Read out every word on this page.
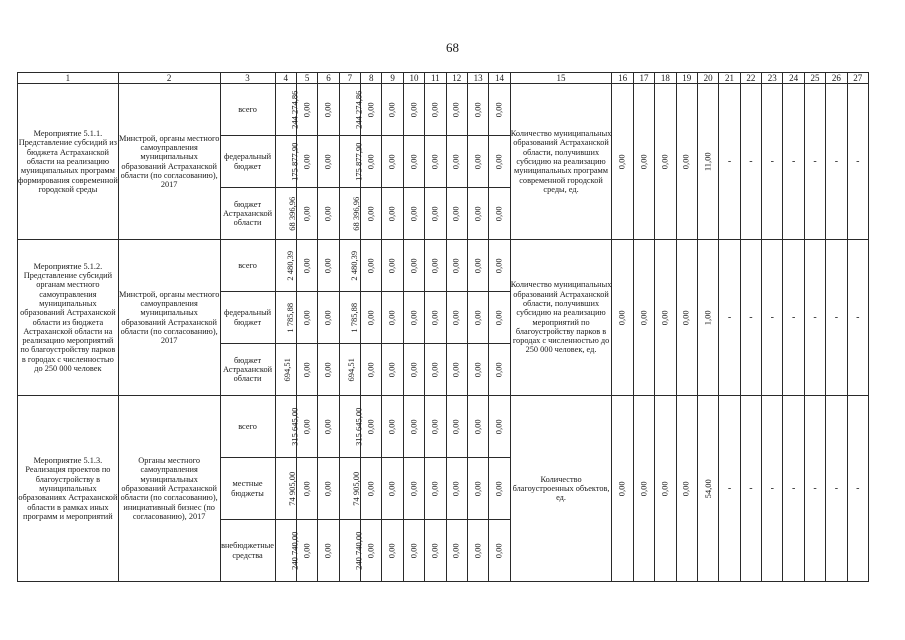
68
1	2	3	4	5	6	7	8	9	10	11	12	13	14	15	16	17	18	19	20	21	22	23	24	25	26	27
Мероприятие 5.1.1. Представление субсидий из бюджета Астраханской области на реализацию муниципальных программ формирования современной городской среды	Минстрой, органы местного самоуправления муниципальных образований Астраханской области (по согласованию), 2017	всего	244 274,86	0,00	0,00	244 274,86	0,00	0,00	0,00	0,00	0,00	0,00	0,00	Количество муниципальных образований Астраханской области, получивших субсидию на реализацию муниципальных программ современной городской среды, ед.	0,00	0,00	0,00	0,00	11,00	-	-	-	-	-	-	-
		федеральный бюджет	175 877,90	0,00	0,00	175 877,90	0,00	0,00	0,00	0,00	0,00	0,00	0,00													
		бюджет Астраханской области	68 396,96	0,00	0,00	68 396,96	0,00	0,00	0,00	0,00	0,00	0,00	0,00													
Мероприятие 5.1.2. Представление субсидий органам местного самоуправления муниципальных образований Астраханской области из бюджета Астраханской области на реализацию мероприятий по благоустройству парков в городах с численностью до 250 000 человек	Минстрой, органы местного самоуправления муниципальных образований Астраханской области (по согласованию), 2017	всего	2 480,39	0,00	0,00	2 480,39	0,00	0,00	0,00	0,00	0,00	0,00	0,00	Количество муниципальных образований Астраханской области, получивших субсидию на реализацию мероприятий по благоустройству парков в городах с численностью до 250 000 человек, ед.	0,00	0,00	0,00	0,00	1,00	-	-	-	-	-	-	-
		федеральный бюджет	1 785,88	0,00	0,00	1 785,88	0,00	0,00	0,00	0,00	0,00	0,00	0,00													
		бюджет Астраханской области	694,51	0,00	0,00	694,51	0,00	0,00	0,00	0,00	0,00	0,00	0,00													
Мероприятие 5.1.3. Реализация проектов по благоустройству в муниципальных образованиях Астраханской области в рамках иных программ и мероприятий	Органы местного самоуправления муниципальных образований Астраханской области (по согласованию), инициативный бизнес (по согласованию), 2017	всего	315 645,00	0,00	0,00	315 645,00	0,00	0,00	0,00	0,00	0,00	0,00	0,00	Количество благоустроенных объектов, ед.	0,00	0,00	0,00	0,00	54,00	-	-	-	-	-	-	-
		местные бюджеты	74 905,00	0,00	0,00	74 905,00	0,00	0,00	0,00	0,00	0,00	0,00	0,00													
		внебюджетные средства	240 740,00	0,00	0,00	240 740,00	0,00	0,00	0,00	0,00	0,00	0,00	0,00													
